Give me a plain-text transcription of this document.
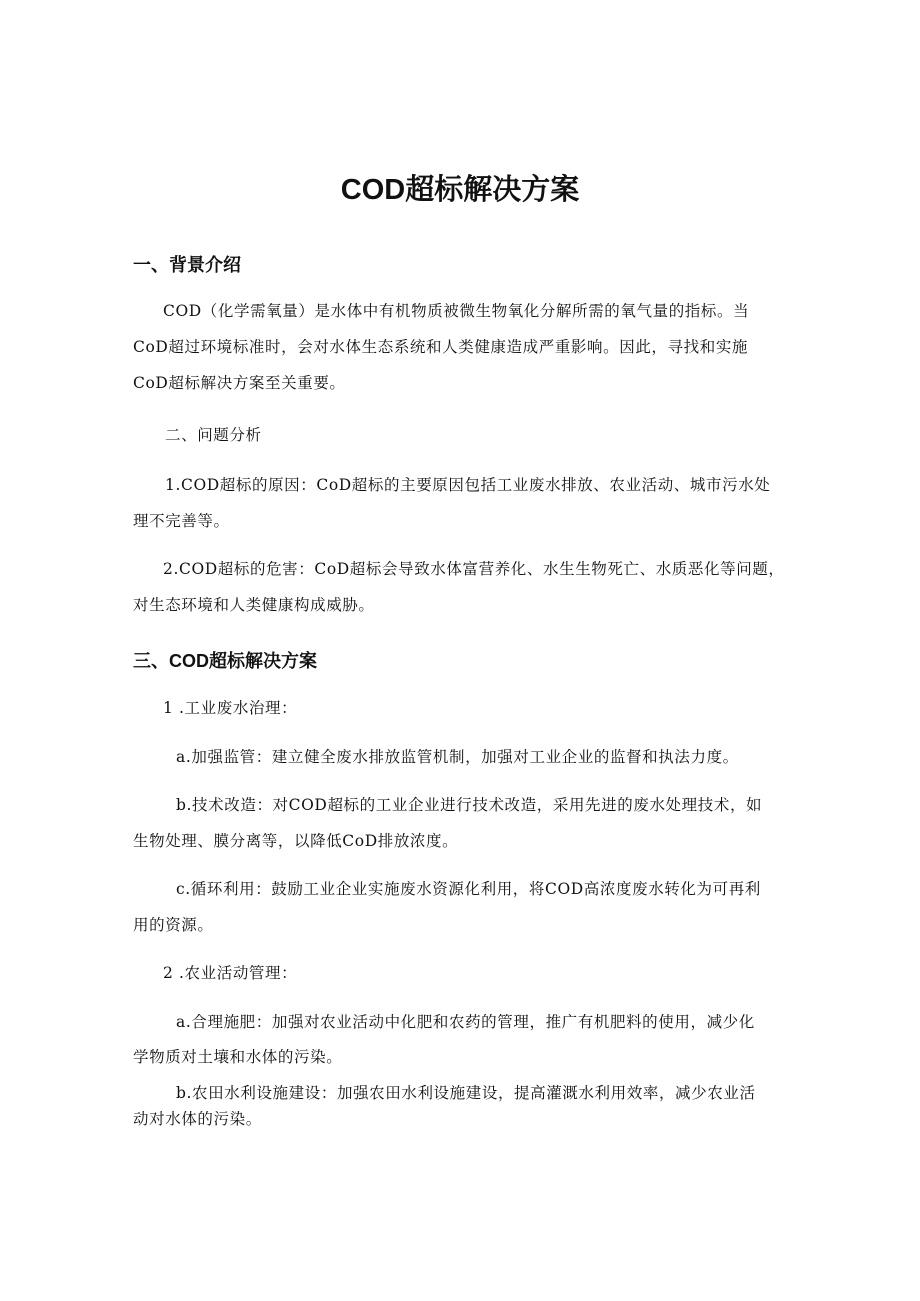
COD超标解决方案
一、背景介绍
COD（化学需氧量）是水体中有机物质被微生物氧化分解所需的氧气量的指标。当
CoD超过环境标准时，会对水体生态系统和人类健康造成严重影响。因此，寻找和实施
CoD超标解决方案至关重要。
二、问题分析
1.COD超标的原因：CoD超标的主要原因包括工业废水排放、农业活动、城市污水处
理不完善等。
2.COD超标的危害：CoD超标会导致水体富营养化、水生生物死亡、水质恶化等问题，
对生态环境和人类健康构成威胁。
三、COD超标解决方案
1 .工业废水治理：
a.加强监管：建立健全废水排放监管机制，加强对工业企业的监督和执法力度。
b.技术改造：对COD超标的工业企业进行技术改造，采用先进的废水处理技术，如
生物处理、膜分离等，以降低CoD排放浓度。
c.循环利用：鼓励工业企业实施废水资源化利用，将COD高浓度废水转化为可再利
用的资源。
2 .农业活动管理：
a.合理施肥：加强对农业活动中化肥和农药的管理，推广有机肥料的使用，减少化
学物质对土壤和水体的污染。
b.农田水利设施建设：加强农田水利设施建设，提高灌溉水利用效率，减少农业活
动对水体的污染。
